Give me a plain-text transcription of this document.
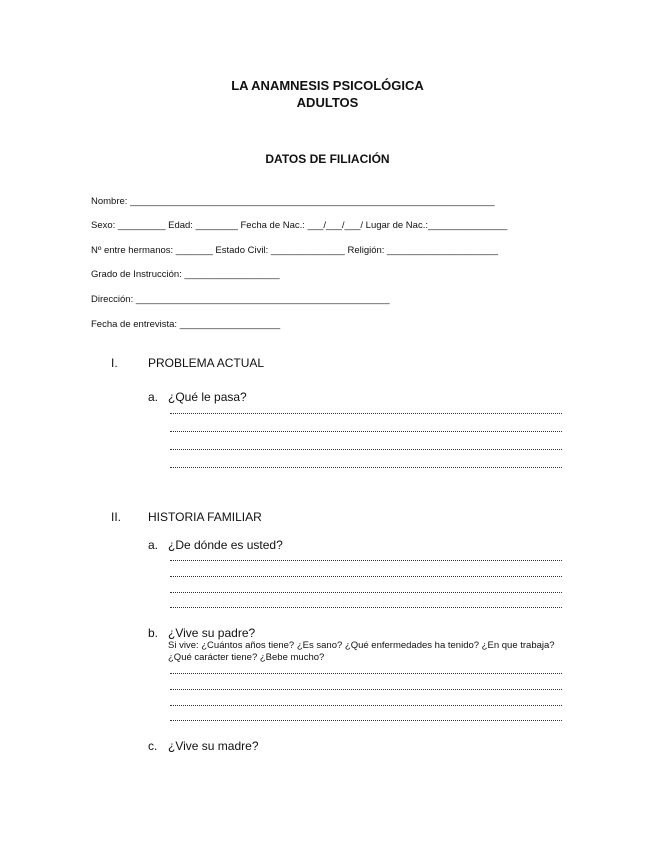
LA ANAMNESIS PSICOLÓGICA
ADULTOS
DATOS DE FILIACIÓN
Nombre: _____________________________________________________________________
Sexo: _________ Edad: ________ Fecha de Nac.: ___/___/___/ Lugar de Nac.:_______________
Nº entre hermanos: _______ Estado Civil: ______________ Religión: _____________________
Grado de Instrucción: __________________
Dirección: ________________________________________________
Fecha de entrevista: ___________________
I.	PROBLEMA ACTUAL
a. ¿Qué le pasa?
II. HISTORIA FAMILIAR
a. ¿De dónde es usted?
b. ¿Vive su padre?
Si vive: ¿Cuántos años tiene? ¿Es sano? ¿Qué enfermedades ha tenido? ¿En que trabaja? ¿Qué carácter tiene? ¿Bebe mucho?
c. ¿Vive su madre?
